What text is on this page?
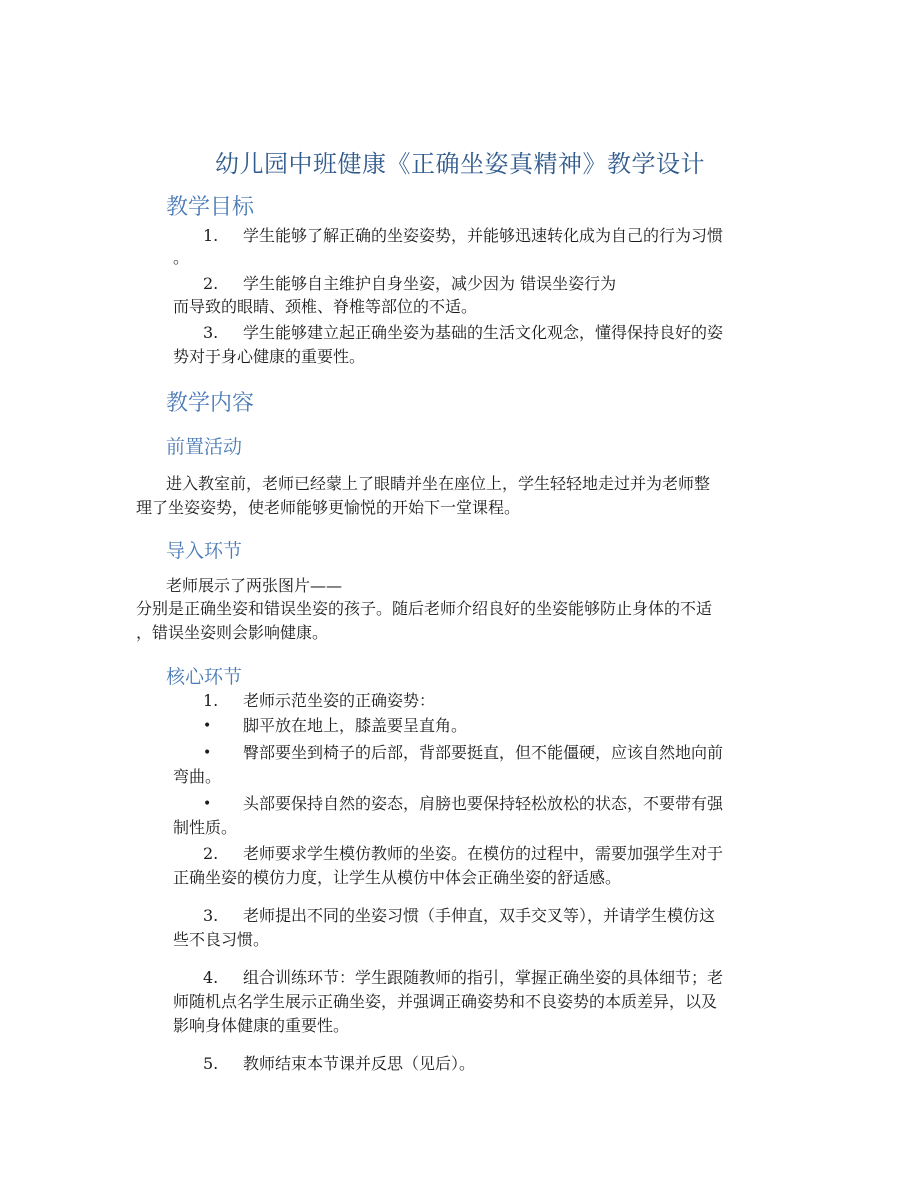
幼儿园中班健康《正确坐姿真精神》教学设计
教学目标
1. 学生能够了解正确的坐姿姿势，并能够迅速转化成为自己的行为习惯
。
2. 学生能够自主维护自身坐姿，减少因为 错误坐姿行为
而导致的眼睛、颈椎、脊椎等部位的不适。
3. 学生能够建立起正确坐姿为基础的生活文化观念，懂得保持良好的姿
势对于身心健康的重要性。
教学内容
前置活动
进入教室前，老师已经蒙上了眼睛并坐在座位上，学生轻轻地走过并为老师整
理了坐姿姿势，使老师能够更愉悦的开始下一堂课程。
导入环节
老师展示了两张图片——
分别是正确坐姿和错误坐姿的孩子。随后老师介绍良好的坐姿能够防止身体的不适
，错误坐姿则会影响健康。
核心环节
1. 老师示范坐姿的正确姿势：
• 脚平放在地上，膝盖要呈直角。
• 臀部要坐到椅子的后部，背部要挺直，但不能僵硬，应该自然地向前
弯曲。
• 头部要保持自然的姿态，肩膀也要保持轻松放松的状态，不要带有强
制性质。
2. 老师要求学生模仿教师的坐姿。在模仿的过程中，需要加强学生对于
正确坐姿的模仿力度，让学生从模仿中体会正确坐姿的舒适感。
3. 老师提出不同的坐姿习惯（手伸直，双手交叉等），并请学生模仿这
些不良习惯。
4. 组合训练环节：学生跟随教师的指引，掌握正确坐姿的具体细节；老
师随机点名学生展示正确坐姿，并强调正确姿势和不良姿势的本质差异，以及
影响身体健康的重要性。
5. 教师结束本节课并反思（见后）。
